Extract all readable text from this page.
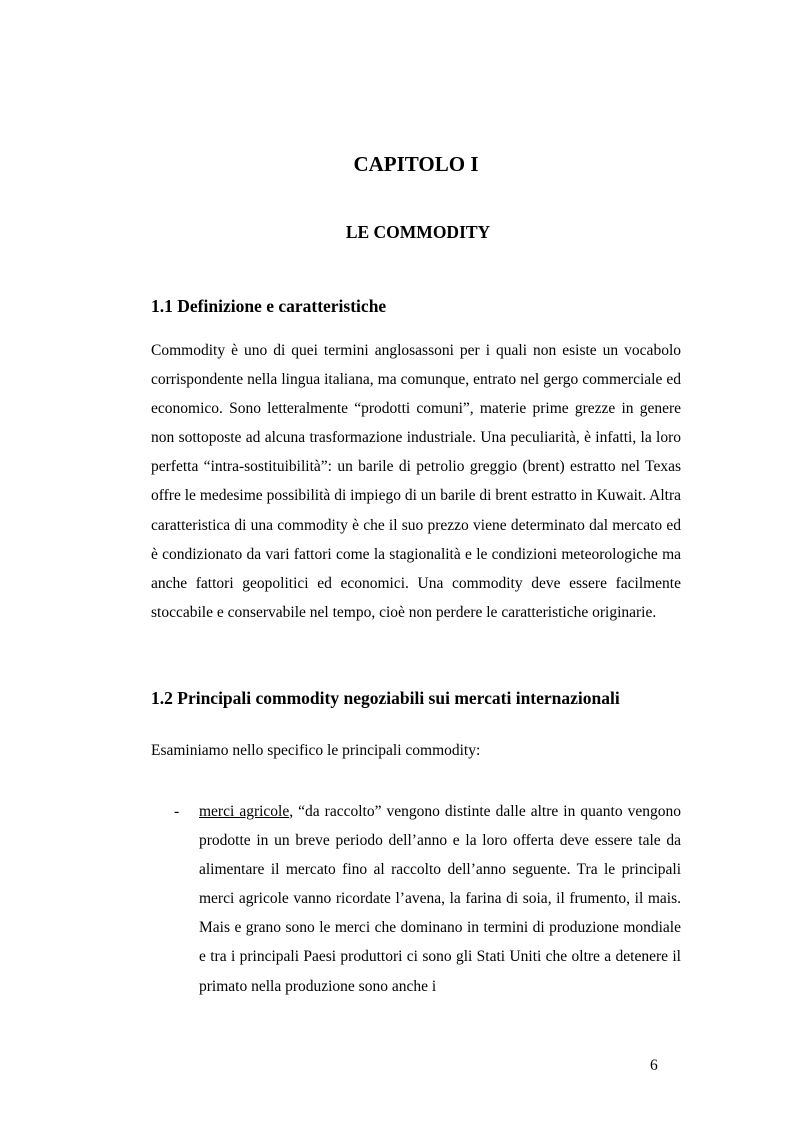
CAPITOLO I
LE COMMODITY
1.1 Definizione e caratteristiche

Commodity è uno di quei termini anglosassoni per i quali non esiste un vocabolo corrispondente nella lingua italiana, ma comunque, entrato nel gergo commerciale ed economico. Sono letteralmente “prodotti comuni”, materie prime grezze in genere non sottoposte ad alcuna trasformazione industriale. Una peculiarità, è infatti, la loro perfetta “intra-sostituibilità”: un barile di petrolio greggio (brent) estratto nel Texas offre le medesime possibilità di impiego di un barile di brent estratto in Kuwait. Altra caratteristica di una commodity è che il suo prezzo viene determinato dal mercato ed è condizionato da vari fattori come la stagionalità e le condizioni meteorologiche ma anche fattori geopolitici ed economici. Una commodity deve essere facilmente stoccabile e conservabile nel tempo, cioè non perdere le caratteristiche originarie.

1.2 Principali commodity negoziabili sui mercati internazionali

Esaminiamo nello specifico le principali commodity:

- merci agricole, “da raccolto” vengono distinte dalle altre in quanto vengono prodotte in un breve periodo dell’anno e la loro offerta deve essere tale da alimentare il mercato fino al raccolto dell’anno seguente. Tra le principali merci agricole vanno ricordate l’avena, la farina di soia, il frumento, il mais. Mais e grano sono le merci che dominano in termini di produzione mondiale e tra i principali Paesi produttori ci sono gli Stati Uniti che oltre a detenere il primato nella produzione sono anche i

6
